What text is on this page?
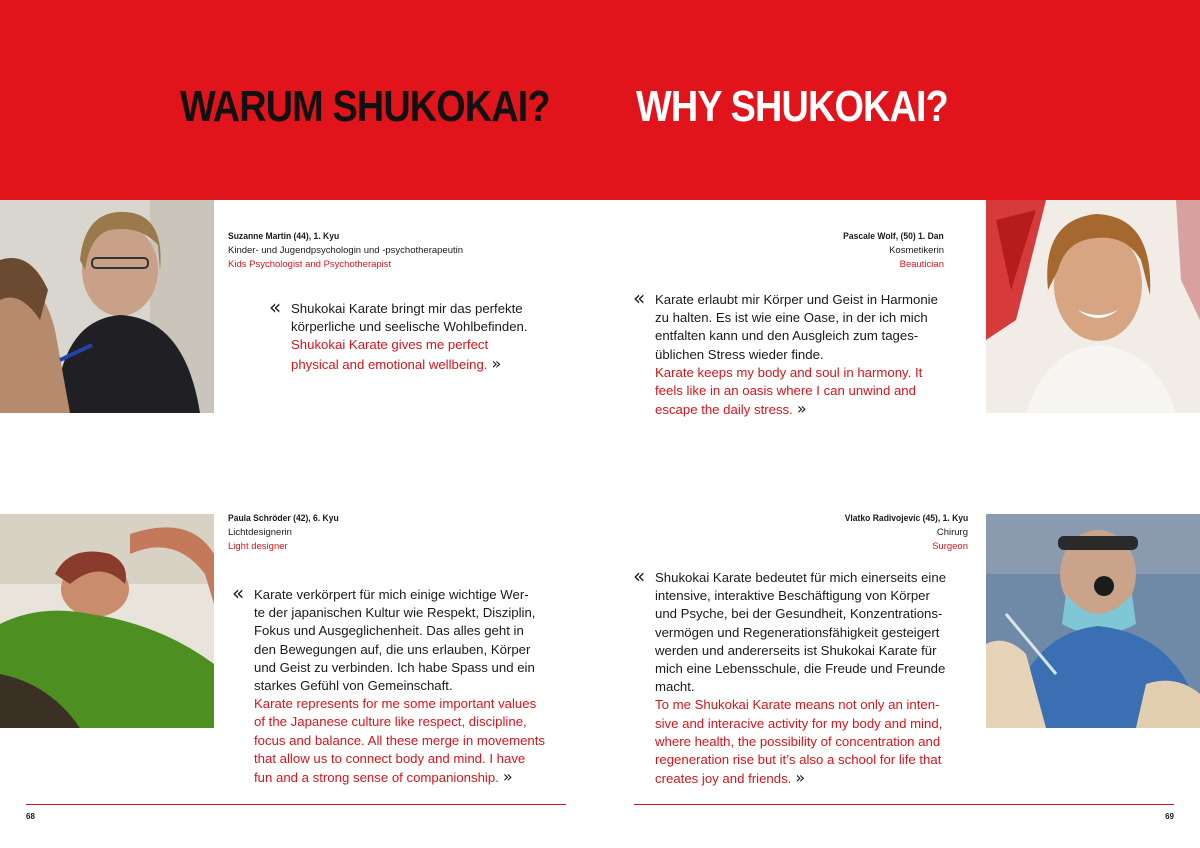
WARUM SHUKOKAI? WHY SHUKOKAI?
Suzanne Martin (44), 1. Kyu
Kinder- und Jugendpsychologin und -psychotherapeutin
Kids Psychologist and Psychotherapist
« Shukokai Karate bringt mir das perfekte

körperliche und seelische Wohlbefinden.

Shukokai Karate gives me perfect

physical and emotional wellbeing. »

Pascale Wolf, (50) 1. Dan
Kosmetikerin
Beautician
« Karate erlaubt mir Körper und Geist in Harmonie

zu halten. Es ist wie eine Oase, in der ich mich

entfalten kann und den Ausgleich zum tages-

üblichen Stress wieder finde.

Karate keeps my body and soul in harmony. It

feels like in an oasis where I can unwind and

escape the daily stress. »

Paula Schröder (42), 6. Kyu
Lichtdesignerin
Light designer
« Karate verkörpert für mich einige wichtige Wer-

te der japanischen Kultur wie Respekt, Disziplin,

Fokus und Ausgeglichenheit. Das alles geht in

den Bewegungen auf, die uns erlauben, Körper

und Geist zu verbinden. Ich habe Spass und ein

starkes Gefühl von Gemeinschaft.

Karate represents for me some important values

of the Japanese culture like respect, discipline,

focus and balance. All these merge in movements

that allow us to connect body and mind. I have

fun and a strong sense of companionship. »

Vlatko Radivojevic (45), 1. Kyu
Chirurg
Surgeon
« Shukokai Karate bedeutet für mich einerseits eine

intensive, interaktive Beschäftigung von Körper

und Psyche, bei der Gesundheit, Konzentrations-

vermögen und Regenerationsfähigkeit gesteigert

werden und andererseits ist Shukokai Karate für

mich eine Lebensschule, die Freude und Freunde

macht.

To me Shukokai Karate means not only an inten-

sive and interacive activity for my body and mind,

where health, the possibility of concentration and

regeneration rise but it’s also a school for life that

creates joy and friends. »

68	69
